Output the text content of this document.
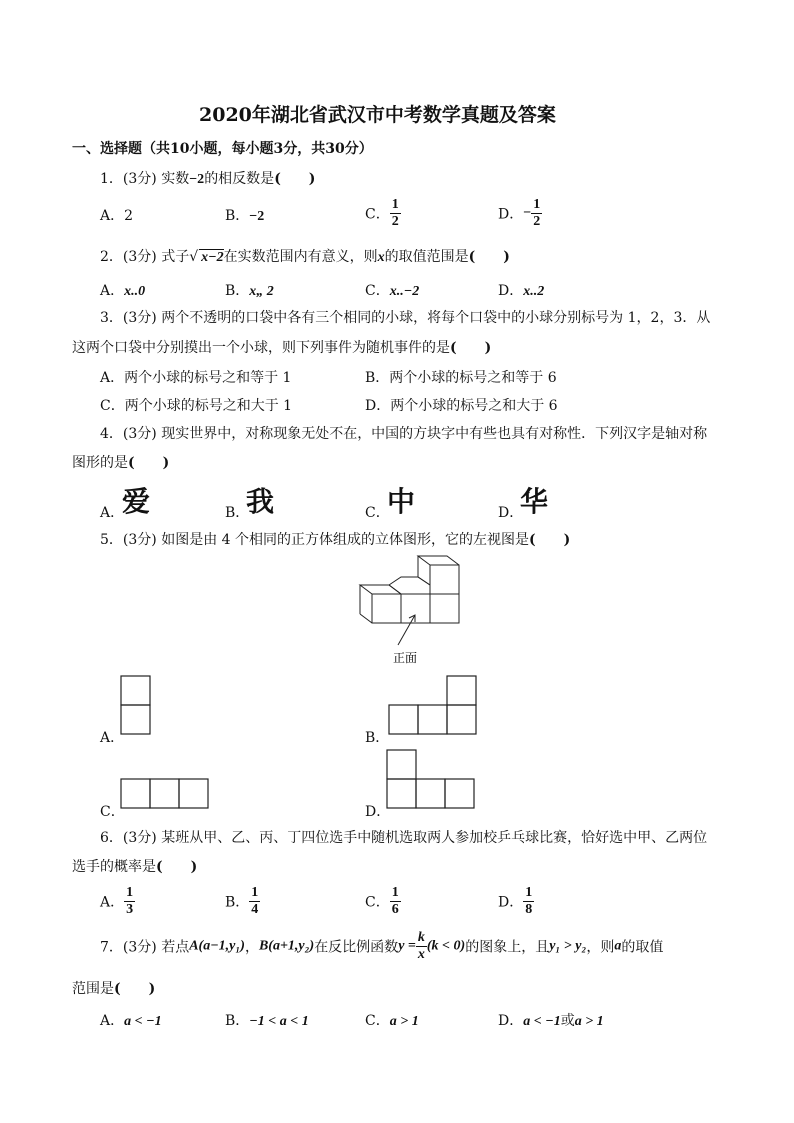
2020年湖北省武汉市中考数学真题及答案
一、选择题（共10小题，每小题3分，共30分）
1．(3分) 实数−2的相反数是(　　)
A．2	B．−2	C． $\frac{1}{2}$	D．− $\frac{1}{2}$
2．(3分) 式子√ x−2在实数范围内有意义，则x的取值范围是(　　)
A．x..0	B．x„ 2	C．x..−2	D．x..2
3．(3分) 两个不透明的口袋中各有三个相同的小球，将每个口袋中的小球分别标号为 1，2，3．从
这两个口袋中分别摸出一个小球，则下列事件为随机事件的是(　　)
A．两个小球的标号之和等于 1	B．两个小球的标号之和等于 6
C．两个小球的标号之和大于 1	D．两个小球的标号之和大于 6
4．(3分) 现实世界中，对称现象无处不在，中国的方块字中有些也具有对称性．下列汉字是轴对称
图形的是(　　)
A．
爱	B．
我	C．
中	D．
华
5．(3分) 如图是由 4 个相同的正方体组成的立体图形，它的左视图是(　　)
正面
A．	B．
C．	D．
6．(3分) 某班从甲、乙、丙、丁四位选手中随机选取两人参加校乒乓球比赛，恰好选中甲、乙两位
选手的概率是(　　)
A． $\frac{1}{3}$	B． $\frac{1}{4}$	C． $\frac{1}{6}$	D． $\frac{1}{8}$
7．(3分) 若点A(a−1,y₁)，B(a+1,y₂)在反比例函数$y = \frac{k}{x} (k < 0)$的图象上，且y₁ > y₂，则a的取值
范围是(　　)
A．a < −1	B．−1 < a < 1	C．a > 1	D．a < −1或a > 1
